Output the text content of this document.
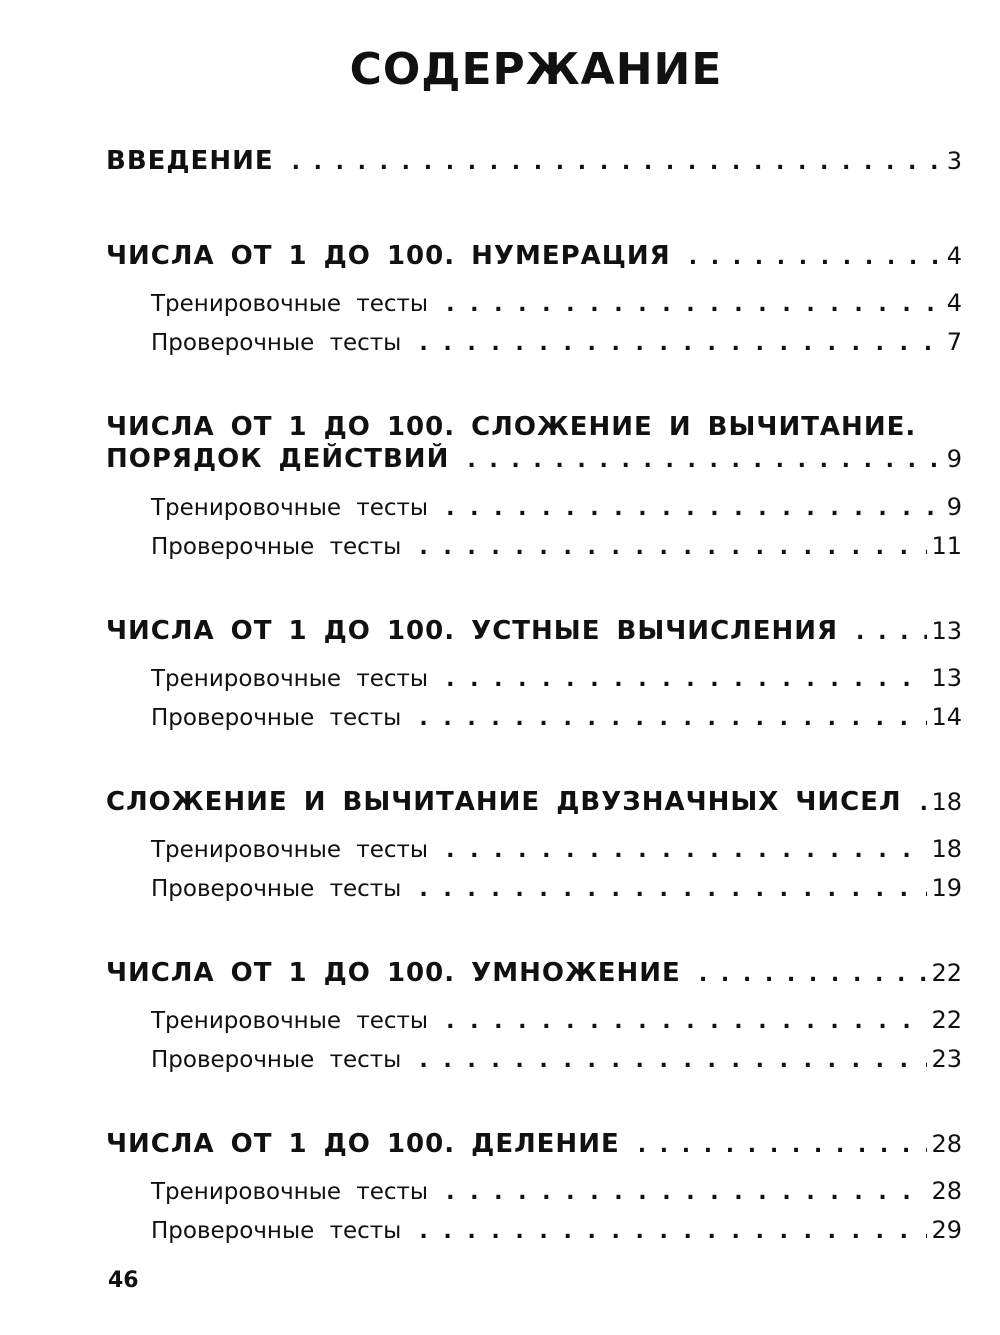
СОДЕРЖАНИЕ
ВВЕДЕНИЕ . . .	3
ЧИСЛА ОТ 1 ДО 100. НУМЕРАЦИЯ . . .	4
Тренировочные тесты . . .	4
Проверочные тесты . . .	7
ЧИСЛА ОТ 1 ДО 100. СЛОЖЕНИЕ И ВЫЧИТАНИЕ.
ПОРЯДОК ДЕЙСТВИЙ . . .	9
Тренировочные тесты . . .	9
Проверочные тесты . . .	11
ЧИСЛА ОТ 1 ДО 100. УСТНЫЕ ВЫЧИСЛЕНИЯ . . .	13
Тренировочные тесты . . .	13
Проверочные тесты . . .	14
СЛОЖЕНИЕ И ВЫЧИТАНИЕ ДВУЗНАЧНЫХ ЧИСЕЛ . . . 18
Тренировочные тесты . . .	18
Проверочные тесты . . .	19
ЧИСЛА ОТ 1 ДО 100. УМНОЖЕНИЕ . . .	22
Тренировочные тесты . . .	22
Проверочные тесты . . .	23
ЧИСЛА ОТ 1 ДО 100. ДЕЛЕНИЕ . . .	28
Тренировочные тесты . . .	28
Проверочные тесты . . .	29
46
